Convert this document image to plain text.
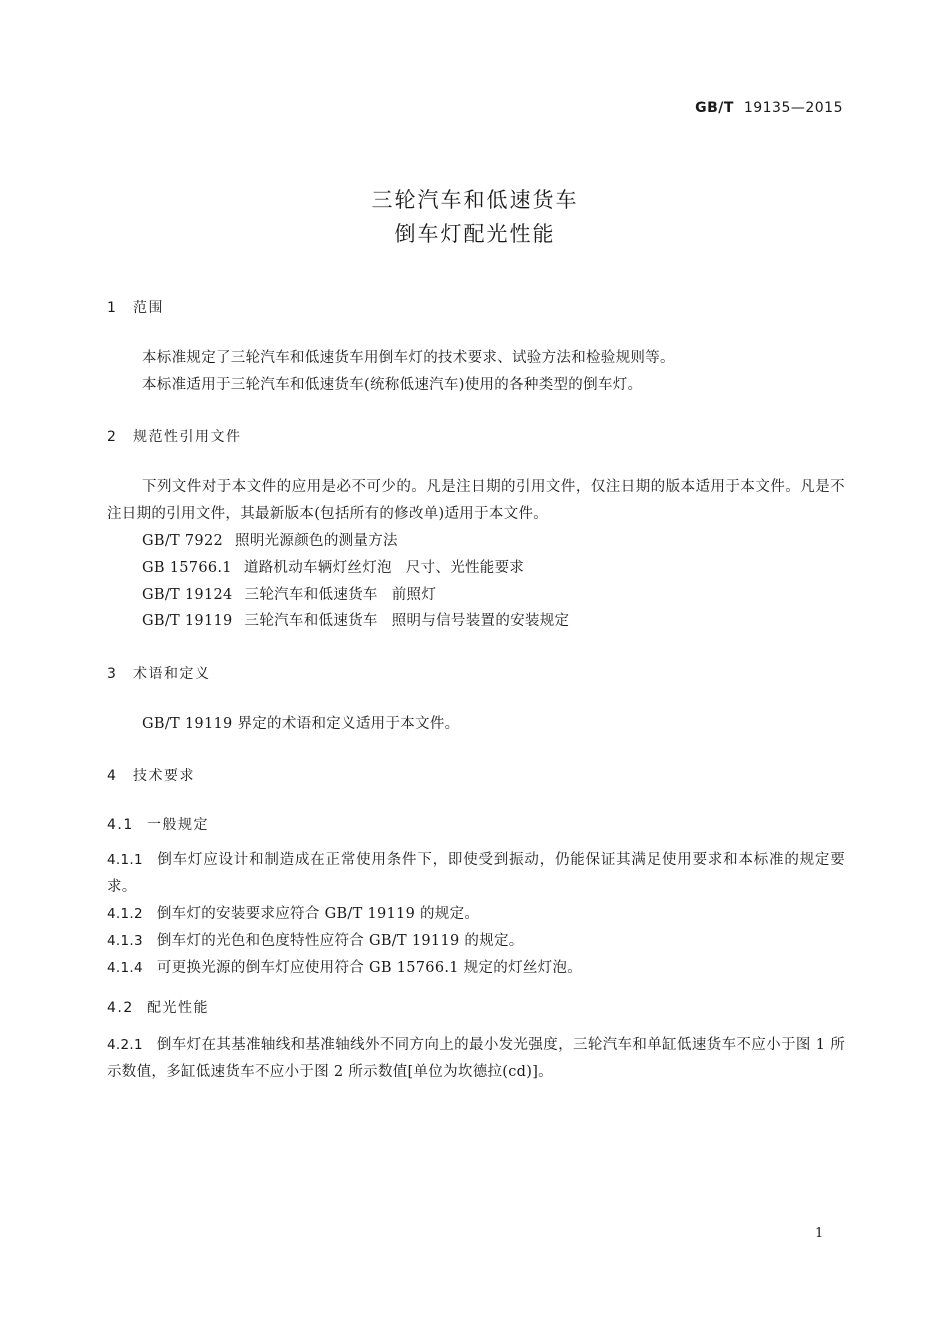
GB/T 19135—2015
三轮汽车和低速货车
倒车灯配光性能
1 范围
本标准规定了三轮汽车和低速货车用倒车灯的技术要求、试验方法和检验规则等。
本标准适用于三轮汽车和低速货车(统称低速汽车)使用的各种类型的倒车灯。
2 规范性引用文件
下列文件对于本文件的应用是必不可少的。凡是注日期的引用文件，仅注日期的版本适用于本文件。凡是不注日期的引用文件，其最新版本(包括所有的修改单)适用于本文件。
GB/T 7922 照明光源颜色的测量方法
GB 15766.1 道路机动车辆灯丝灯泡 尺寸、光性能要求
GB/T 19124 三轮汽车和低速货车 前照灯
GB/T 19119 三轮汽车和低速货车 照明与信号装置的安装规定
3 术语和定义
GB/T 19119 界定的术语和定义适用于本文件。
4 技术要求
4.1 一般规定
4.1.1 倒车灯应设计和制造成在正常使用条件下，即使受到振动，仍能保证其满足使用要求和本标准的规定要求。
4.1.2 倒车灯的安装要求应符合 GB/T 19119 的规定。
4.1.3 倒车灯的光色和色度特性应符合 GB/T 19119 的规定。
4.1.4 可更换光源的倒车灯应使用符合 GB 15766.1 规定的灯丝灯泡。
4.2 配光性能
4.2.1 倒车灯在其基准轴线和基准轴线外不同方向上的最小发光强度，三轮汽车和单缸低速货车不应小于图 1 所示数值，多缸低速货车不应小于图 2 所示数值[单位为坎德拉(cd)]。
1
